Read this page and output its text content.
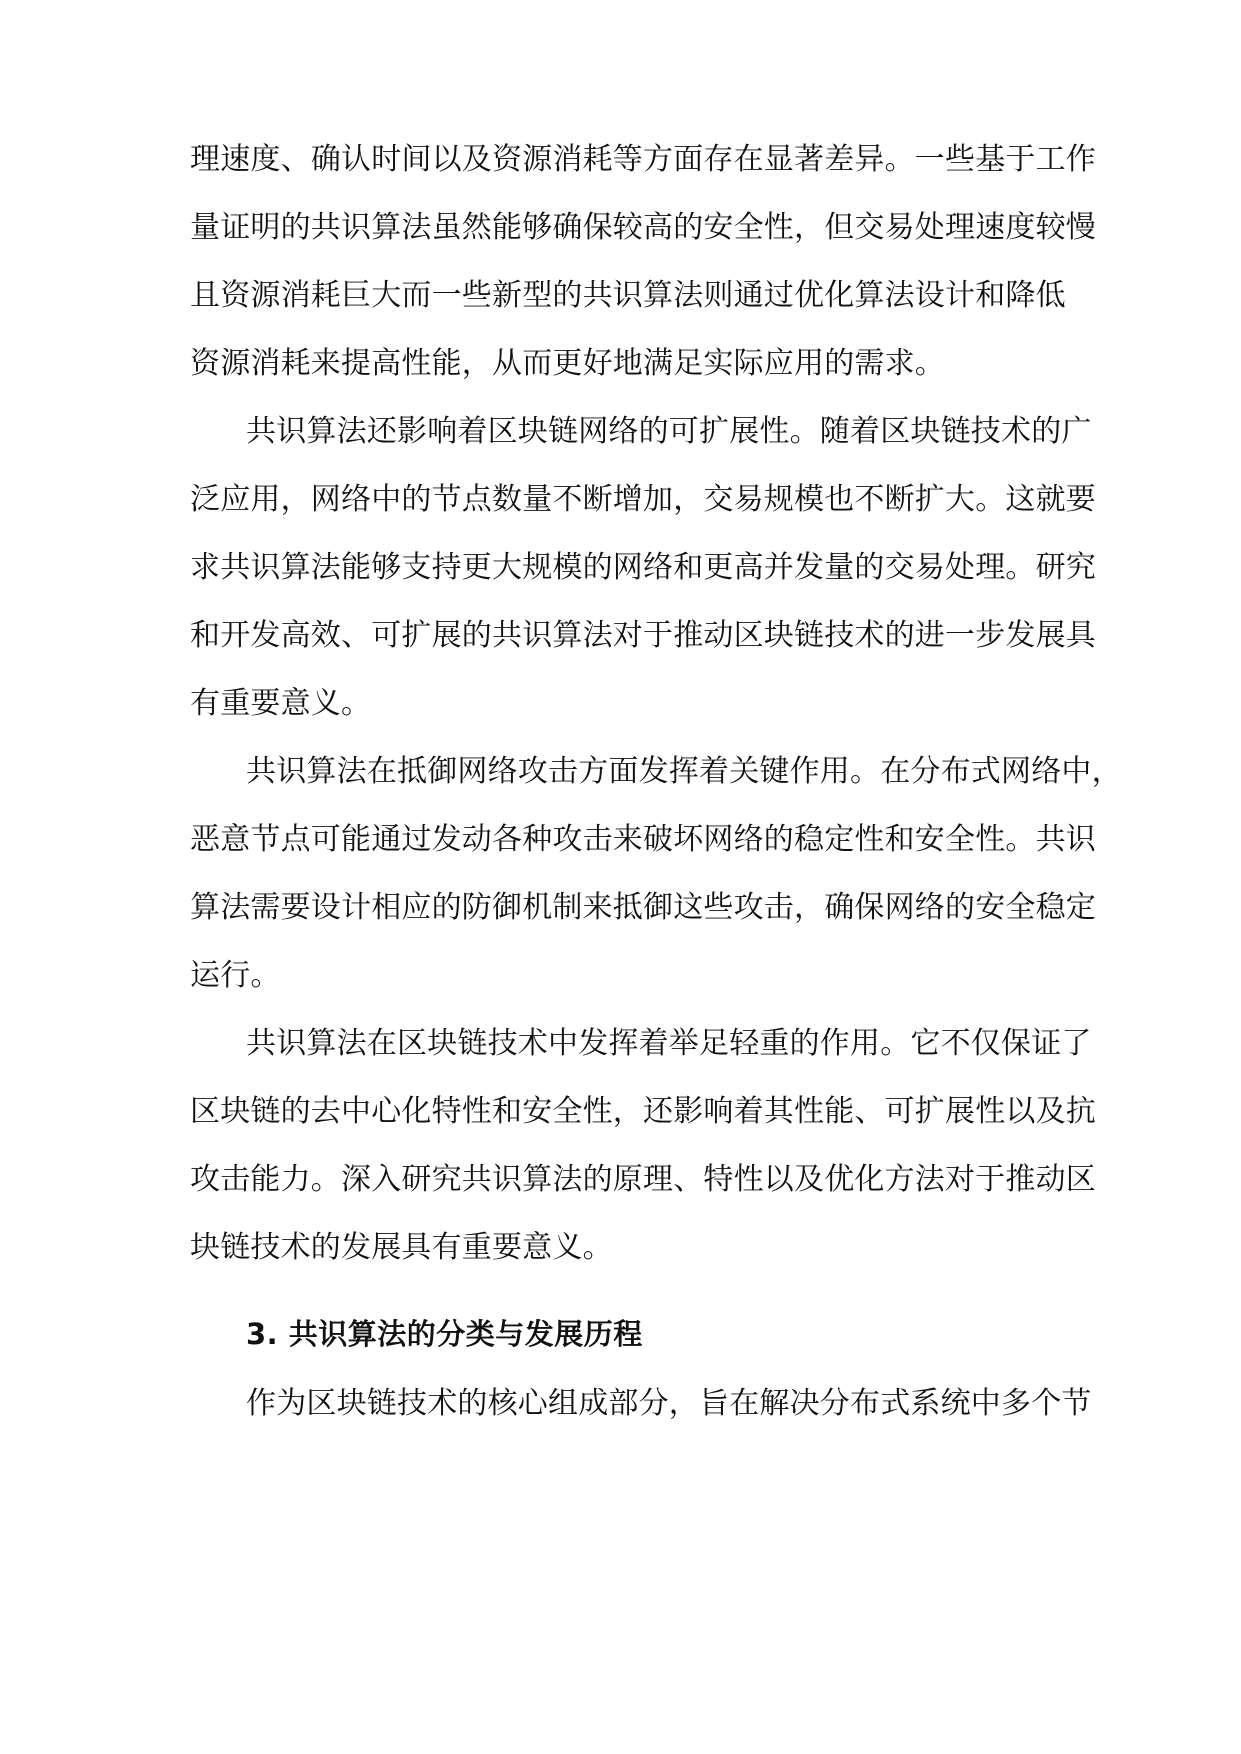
理速度、确认时间以及资源消耗等方面存在显著差异。一些基于工作
量证明的共识算法虽然能够确保较高的安全性，但交易处理速度较慢
且资源消耗巨大而一些新型的共识算法则通过优化算法设计和降低
资源消耗来提高性能，从而更好地满足实际应用的需求。
共识算法还影响着区块链网络的可扩展性。随着区块链技术的广
泛应用，网络中的节点数量不断增加，交易规模也不断扩大。这就要
求共识算法能够支持更大规模的网络和更高并发量的交易处理。研究
和开发高效、可扩展的共识算法对于推动区块链技术的进一步发展具
有重要意义。
共识算法在抵御网络攻击方面发挥着关键作用。在分布式网络中，
恶意节点可能通过发动各种攻击来破坏网络的稳定性和安全性。共识
算法需要设计相应的防御机制来抵御这些攻击，确保网络的安全稳定
运行。
共识算法在区块链技术中发挥着举足轻重的作用。它不仅保证了
区块链的去中心化特性和安全性，还影响着其性能、可扩展性以及抗
攻击能力。深入研究共识算法的原理、特性以及优化方法对于推动区
块链技术的发展具有重要意义。
3. 共识算法的分类与发展历程
作为区块链技术的核心组成部分，旨在解决分布式系统中多个节
